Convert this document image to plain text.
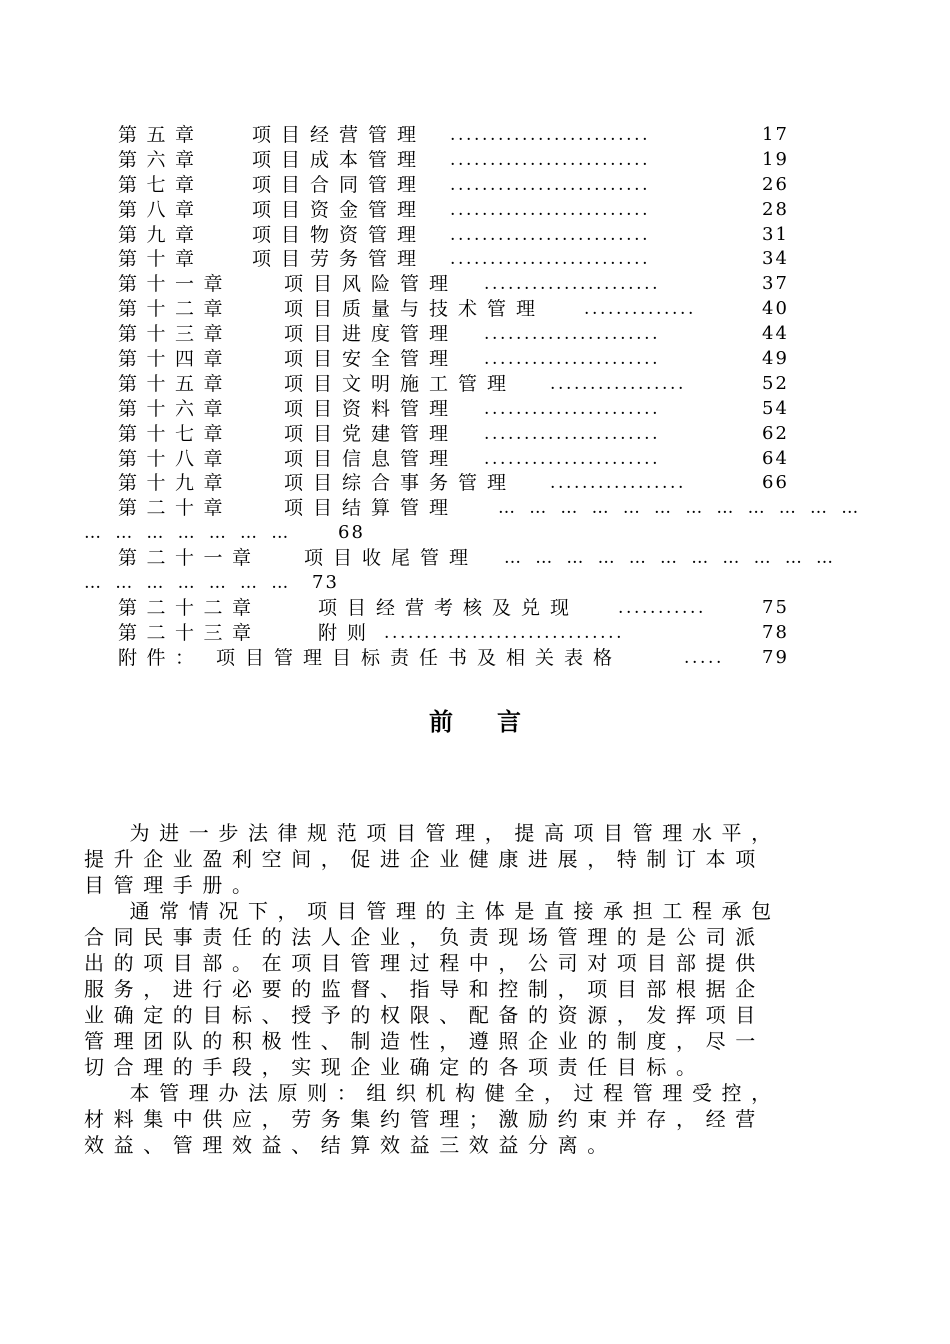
第五章	项目经营管理 .........................	17
第六章	项目成本管理 .........................	19
第七章	项目合同管理 .........................	26
第八章	项目资金管理 .........................	28
第九章	项目物资管理 .........................	31
第十章	项目劳务管理 .........................	34
第十一章	项目风险管理 ......................	37
第十二章	项目质量与技术管理 ..............	40
第十三章	项目进度管理 ......................	44
第十四章	项目安全管理 ......................	49
第十五章	项目文明施工管理 .................	52
第十六章	项目资料管理 ......................	54
第十七章	项目党建管理 ......................	62
第十八章	项目信息管理 ......................	64
第十九章	项目综合事务管理 .................	66
第二十章	项目结算管理 … … … … … … … … … … … …
… … … … … … …	68
第二十一章 项目收尾管理 … … … … … … … … … … …
… … … … … … … 73
第二十二章	项目经营考核及兑现 ...........	75
第二十三章	附则 ..............................	78
附件： 项目管理目标责任书及相关表格	.....	79
前言
　 为进一步法律规范项目管理，提高项目管理水平，
提升企业盈利空间，促进企业健康进展，特制订本项
目管理手册。
　 通常情况下，项目管理的主体是直接承担工程承包
合同民事责任的法人企业，负责现场管理的是公司派
出的项目部。在项目管理过程中，公司对项目部提供
服务，进行必要的监督、指导和控制，项目部根据企
业确定的目标、授予的权限、配备的资源，发挥项目
管理团队的积极性、制造性，遵照企业的制度，尽一
切合理的手段，实现企业确定的各项责任目标。
　 本管理办法原则：组织机构健全，过程管理受控，
材料集中供应，劳务集约管理；激励约束并存，经营
效益、管理效益、结算效益三效益分离。
